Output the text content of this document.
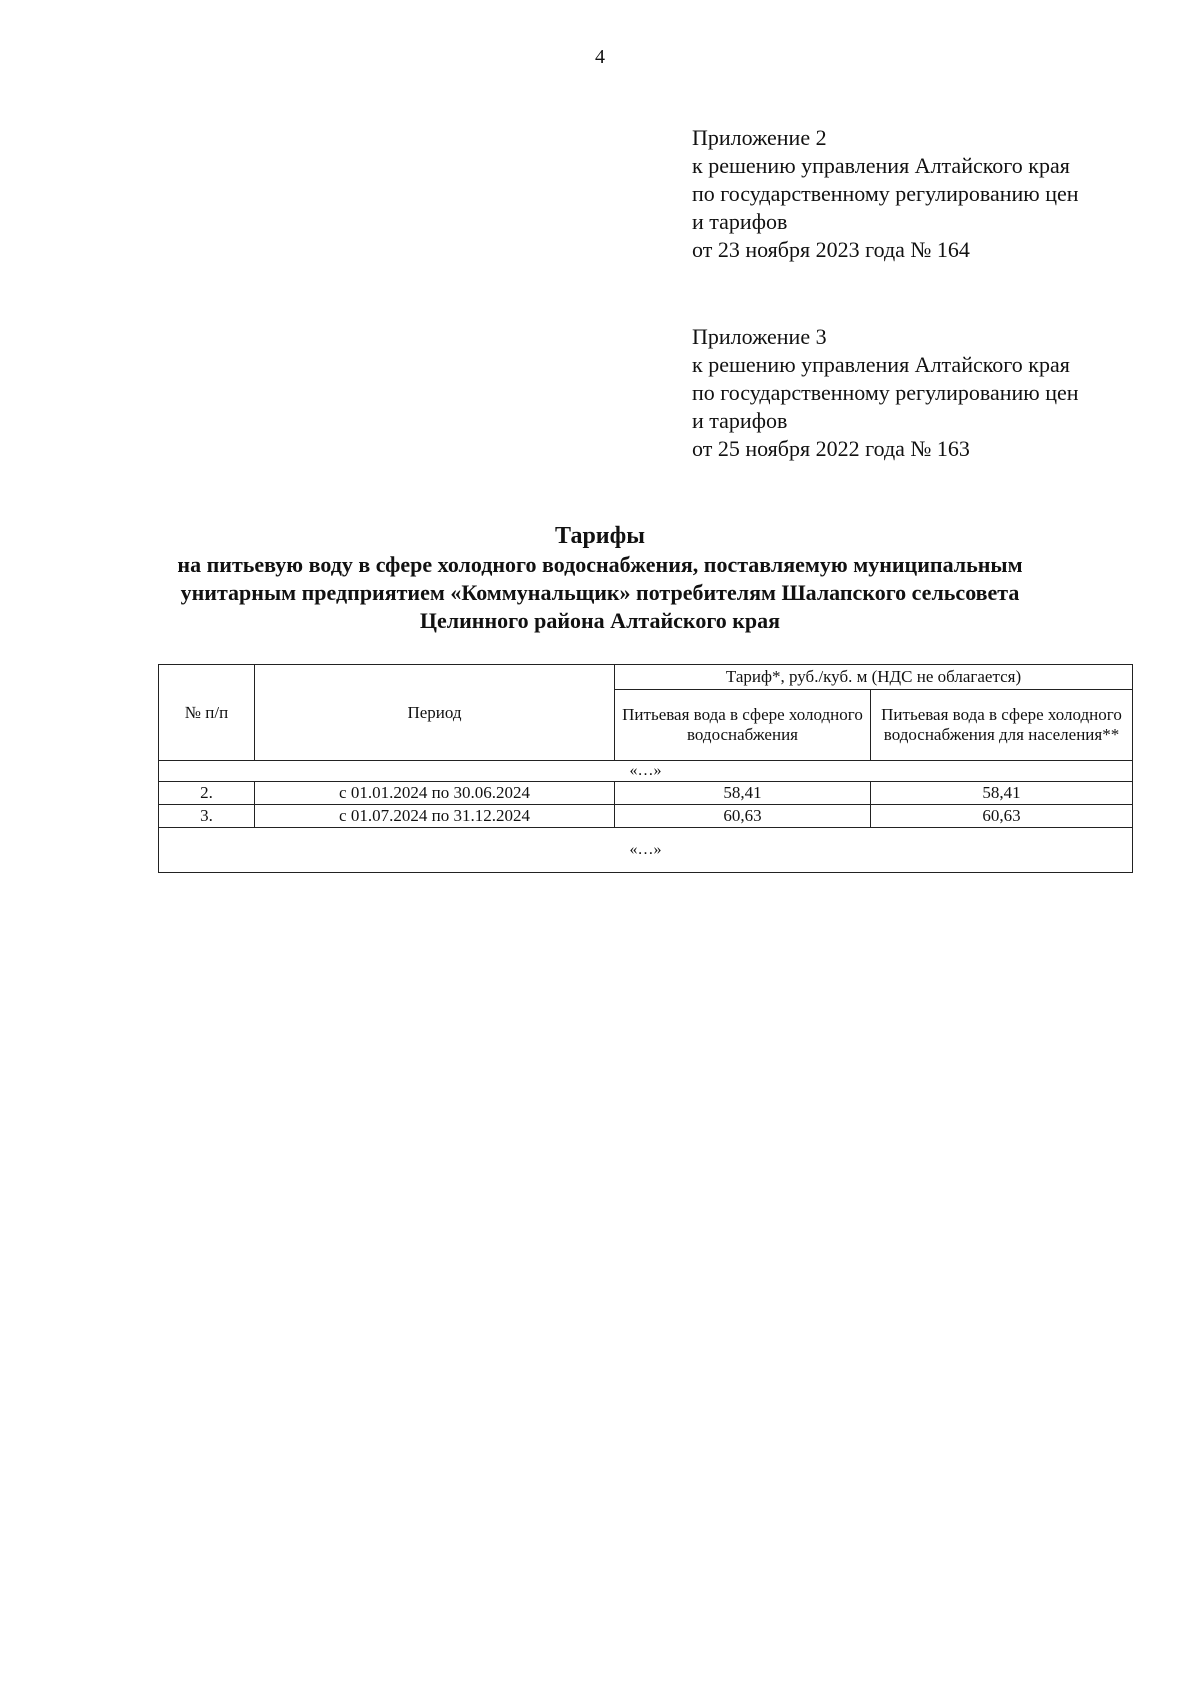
4
Приложение 2
к решению управления Алтайского края
по государственному регулированию цен
и тарифов
от 23 ноября 2023 года № 164
Приложение 3
к решению управления Алтайского края
по государственному регулированию цен
и тарифов
от 25 ноября 2022 года № 163
Тарифы
на питьевую воду в сфере холодного водоснабжения, поставляемую муниципальным
унитарным предприятием «Коммунальщик» потребителям Шалапского сельсовета
Целинного района Алтайского края
№ п/п	Период	Тариф*, руб./куб. м (НДС не облагается)	
		Питьевая вода в сфере холодного водоснабжения	Питьевая вода в сфере холодного водоснабжения для населения**
«…»			
2.	с 01.01.2024 по 30.06.2024	58,41	58,41
3.	с 01.07.2024 по 31.12.2024	60,63	60,63
«…»			
